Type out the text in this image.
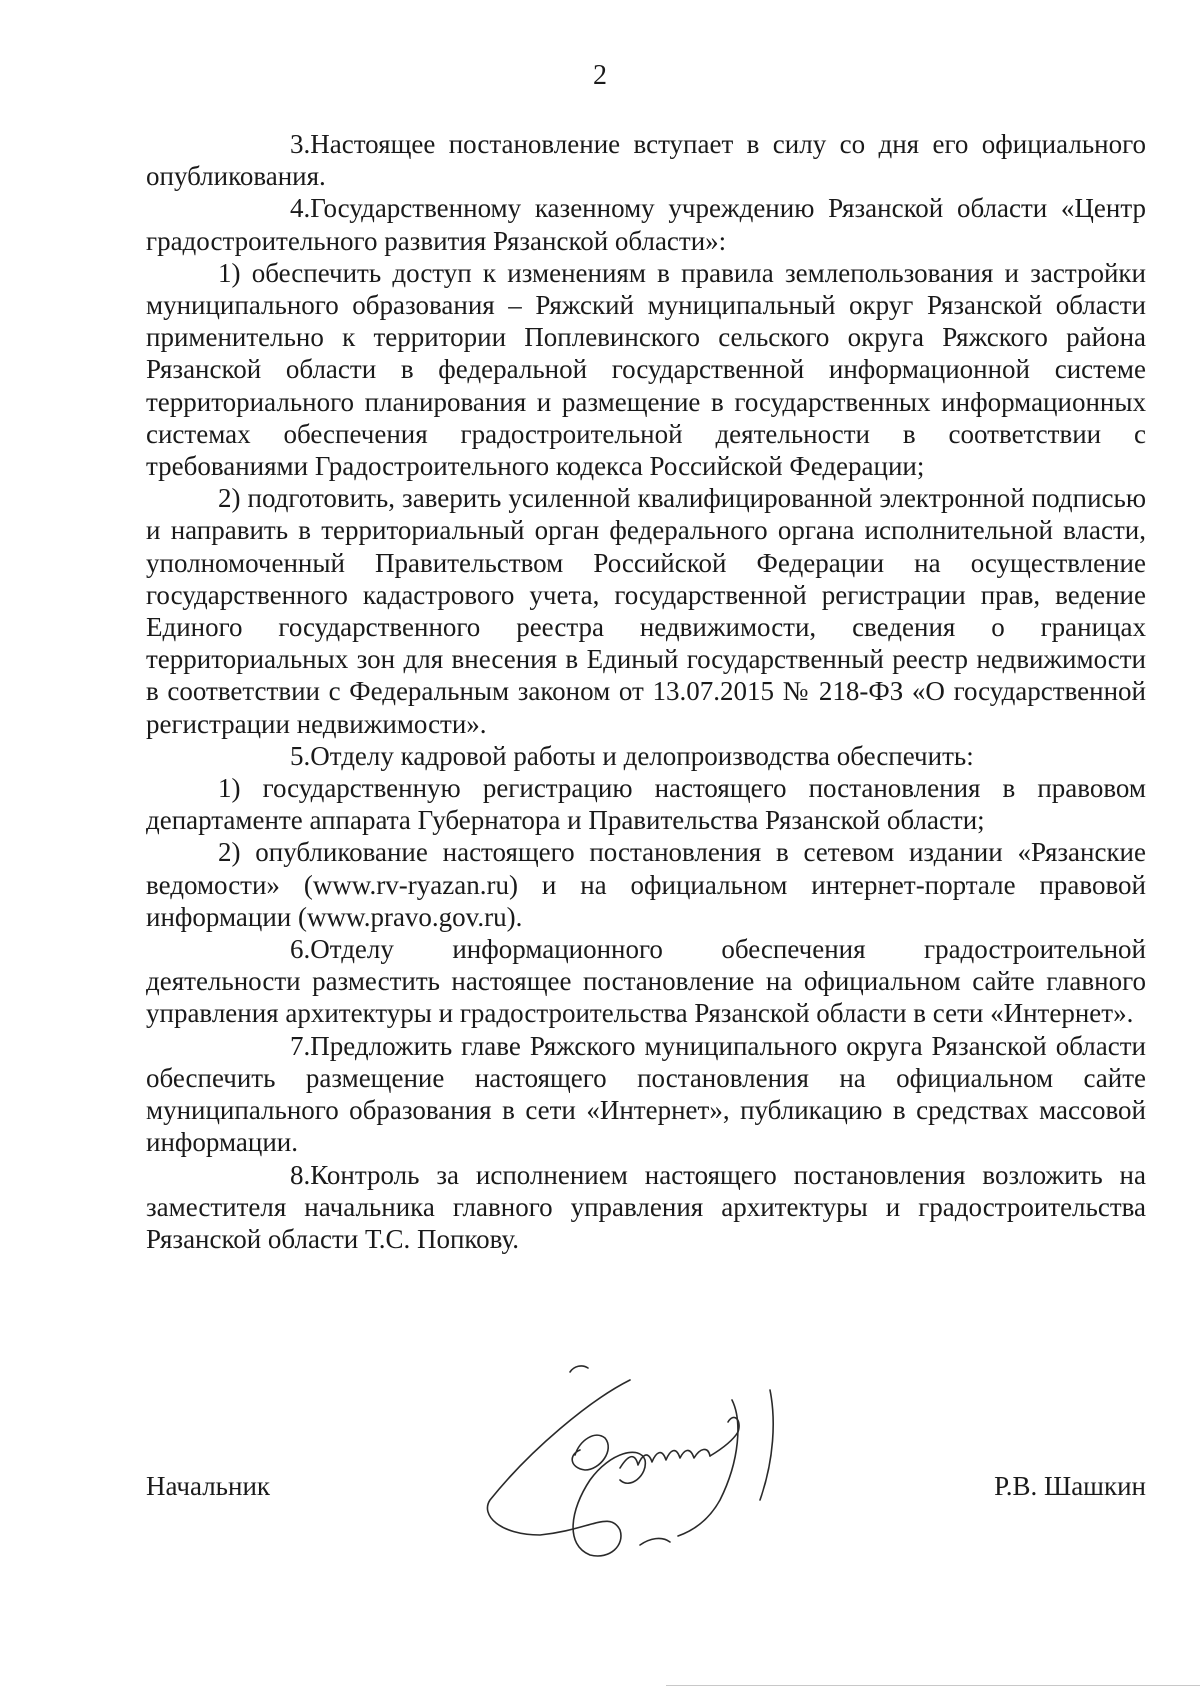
2

3.Настоящее постановление вступает в силу со дня его официального опубликования.

4.Государственному казенному учреждению Рязанской области «Центр градостроительного развития Рязанской области»:

1) обеспечить доступ к изменениям в правила землепользования и застройки муниципального образования – Ряжский муниципальный округ Рязанской области применительно к территории Поплевинского сельского округа Ряжского района Рязанской области в федеральной государственной информационной системе территориального планирования и размещение в государственных информационных системах обеспечения градостроительной деятельности в соответствии с требованиями Градостроительного кодекса Российской Федерации;

2) подготовить, заверить усиленной квалифицированной электронной подписью и направить в территориальный орган федерального органа исполнительной власти, уполномоченный Правительством Российской Федерации на осуществление государственного кадастрового учета, государственной регистрации прав, ведение Единого государственного реестра недвижимости, сведения о границах территориальных зон для внесения в Единый государственный реестр недвижимости в соответствии с Федеральным законом от 13.07.2015 № 218-ФЗ «О государственной регистрации недвижимости».

5.Отделу кадровой работы и делопроизводства обеспечить:

1) государственную регистрацию настоящего постановления в правовом департаменте аппарата Губернатора и Правительства Рязанской области;

2) опубликование настоящего постановления в сетевом издании «Рязанские ведомости» (www.rv-ryazan.ru) и на официальном интернет-портале правовой информации (www.pravo.gov.ru).

6.Отделу информационного обеспечения градостроительной деятельности разместить настоящее постановление на официальном сайте главного управления архитектуры и градостроительства Рязанской области в сети «Интернет».

7.Предложить главе Ряжского муниципального округа Рязанской области обеспечить размещение настоящего постановления на официальном сайте муниципального образования в сети «Интернет», публикацию в средствах массовой информации.

8.Контроль за исполнением настоящего постановления возложить на заместителя начальника главного управления архитектуры и градостроительства Рязанской области Т.С. Попкову.

Начальник	Р.В. Шашкин
